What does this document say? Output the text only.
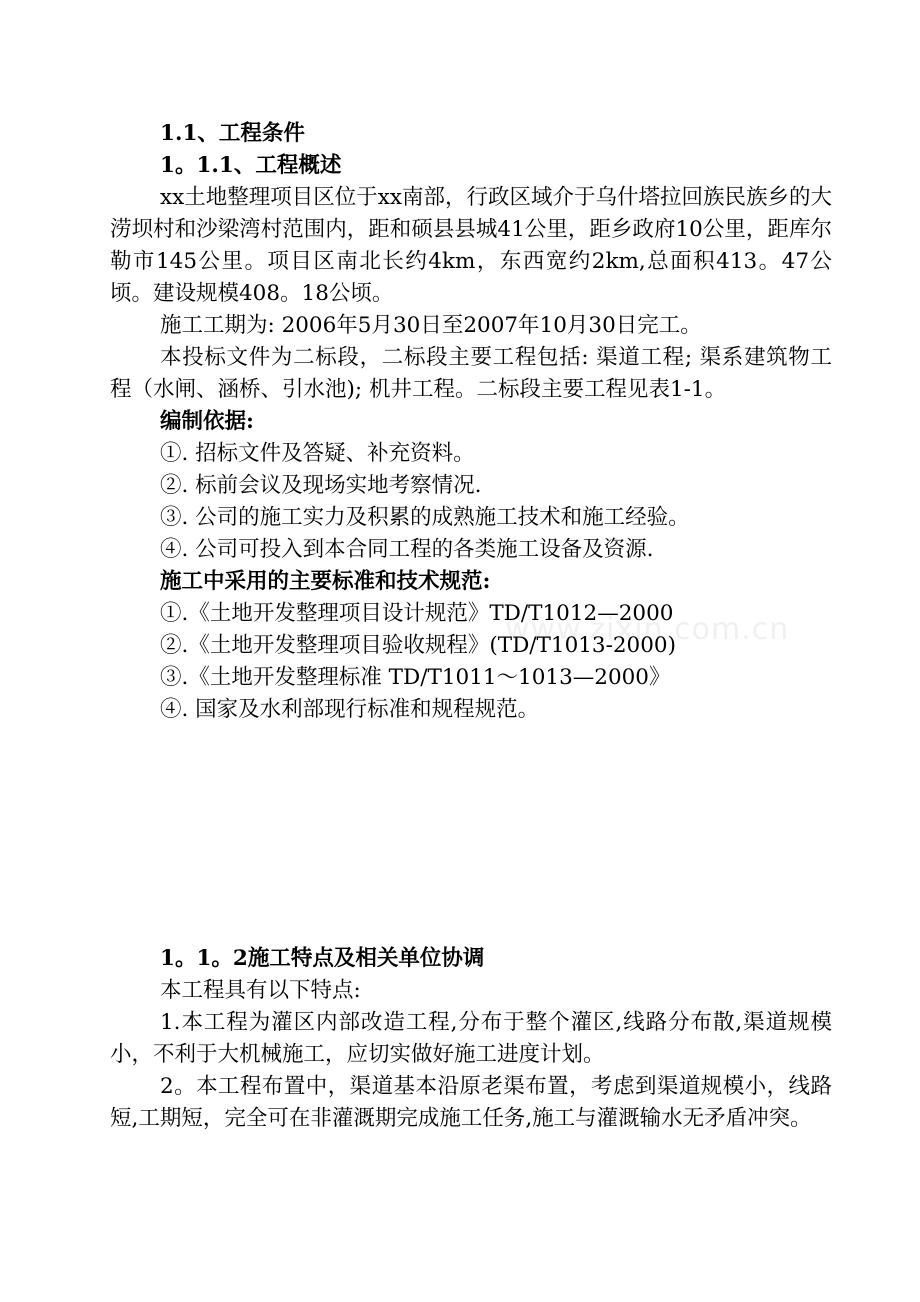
1.1、工程条件
1。1.1、工程概述

xx土地整理项目区位于xx南部，行政区域介于乌什塔拉回族民族乡的大涝坝村和沙梁湾村范围内，距和硕县县城41公里，距乡政府10公里，距库尔勒市145公里。项目区南北长约4km，东西宽约2km,总面积413。47公顷。建设规模408。18公顷。

施工工期为: 2006年5月30日至2007年10月30日完工。

本投标文件为二标段，二标段主要工程包括: 渠道工程; 渠系建筑物工程（水闸、涵桥、引水池); 机井工程。二标段主要工程见表1-1。

编制依据:
①. 招标文件及答疑、补充资料。
②. 标前会议及现场实地考察情况.
③. 公司的施工实力及积累的成熟施工技术和施工经验。
④. 公司可投入到本合同工程的各类施工设备及资源.
施工中采用的主要标准和技术规范:
①.《土地开发整理项目设计规范》TD/T1012—2000
②.《土地开发整理项目验收规程》(TD/T1013-2000)
③.《土地开发整理标准 TD/T1011～1013—2000》
④. 国家及水利部现行标准和规程规范。
1。1。2施工特点及相关单位协调
本工程具有以下特点:

1.本工程为灌区内部改造工程,分布于整个灌区,线路分布散,渠道规模小，不利于大机械施工，应切实做好施工进度计划。

2。本工程布置中，渠道基本沿原老渠布置，考虑到渠道规模小，线路短,工期短，完全可在非灌溉期完成施工任务,施工与灌溉输水无矛盾冲突。

www.zixin.com.cn
